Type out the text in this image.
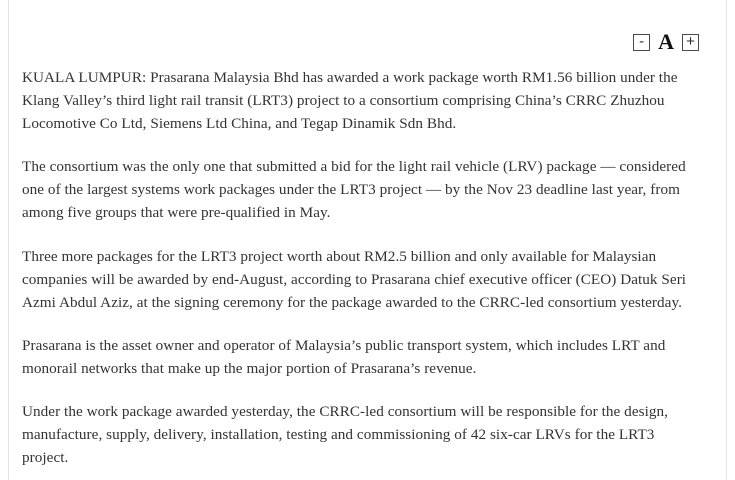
- A +

KUALA LUMPUR: Prasarana Malaysia Bhd has awarded a work package worth RM1.56 billion under the Klang Valley’s third light rail transit (LRT3) project to a consortium comprising China’s CRRC Zhuzhou Locomotive Co Ltd, Siemens Ltd China, and Tegap Dinamik Sdn Bhd.

The consortium was the only one that submitted a bid for the light rail vehicle (LRV) package — considered one of the largest systems work packages under the LRT3 project — by the Nov 23 deadline last year, from among five groups that were pre-qualified in May.

Three more packages for the LRT3 project worth about RM2.5 billion and only available for Malaysian companies will be awarded by end-August, according to Prasarana chief executive officer (CEO) Datuk Seri Azmi Abdul Aziz, at the signing ceremony for the package awarded to the CRRC-led consortium yesterday.

Prasarana is the asset owner and operator of Malaysia’s public transport system, which includes LRT and monorail networks that make up the major portion of Prasarana’s revenue.

Under the work package awarded yesterday, the CRRC-led consortium will be responsible for the design, manufacture, supply, delivery, installation, testing and commissioning of 42 six-car LRVs for the LRT3 project.
